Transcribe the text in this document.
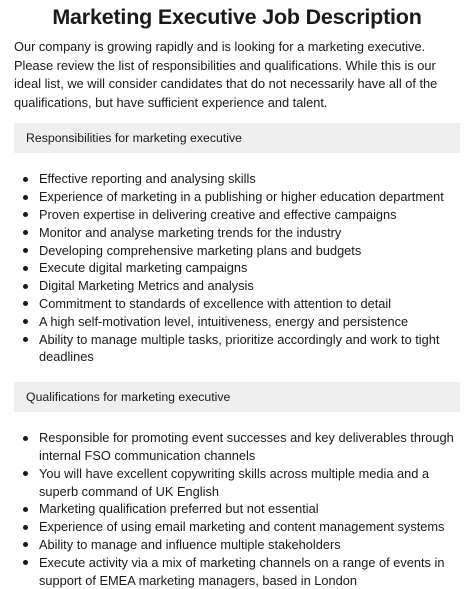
Marketing Executive Job Description

Our company is growing rapidly and is looking for a marketing executive. Please review the list of responsibilities and qualifications. While this is our ideal list, we will consider candidates that do not necessarily have all of the qualifications, but have sufficient experience and talent.

Responsibilities for marketing executive
Effective reporting and analysing skills
Experience of marketing in a publishing or higher education department
Proven expertise in delivering creative and effective campaigns
Monitor and analyse marketing trends for the industry
Developing comprehensive marketing plans and budgets
Execute digital marketing campaigns
Digital Marketing Metrics and analysis
Commitment to standards of excellence with attention to detail
A high self-motivation level, intuitiveness, energy and persistence
Ability to manage multiple tasks, prioritize accordingly and work to tight deadlines
Qualifications for marketing executive
Responsible for promoting event successes and key deliverables through internal FSO communication channels
You will have excellent copywriting skills across multiple media and a superb command of UK English
Marketing qualification preferred but not essential
Experience of using email marketing and content management systems
Ability to manage and influence multiple stakeholders
Execute activity via a mix of marketing channels on a range of events in support of EMEA marketing managers, based in London
